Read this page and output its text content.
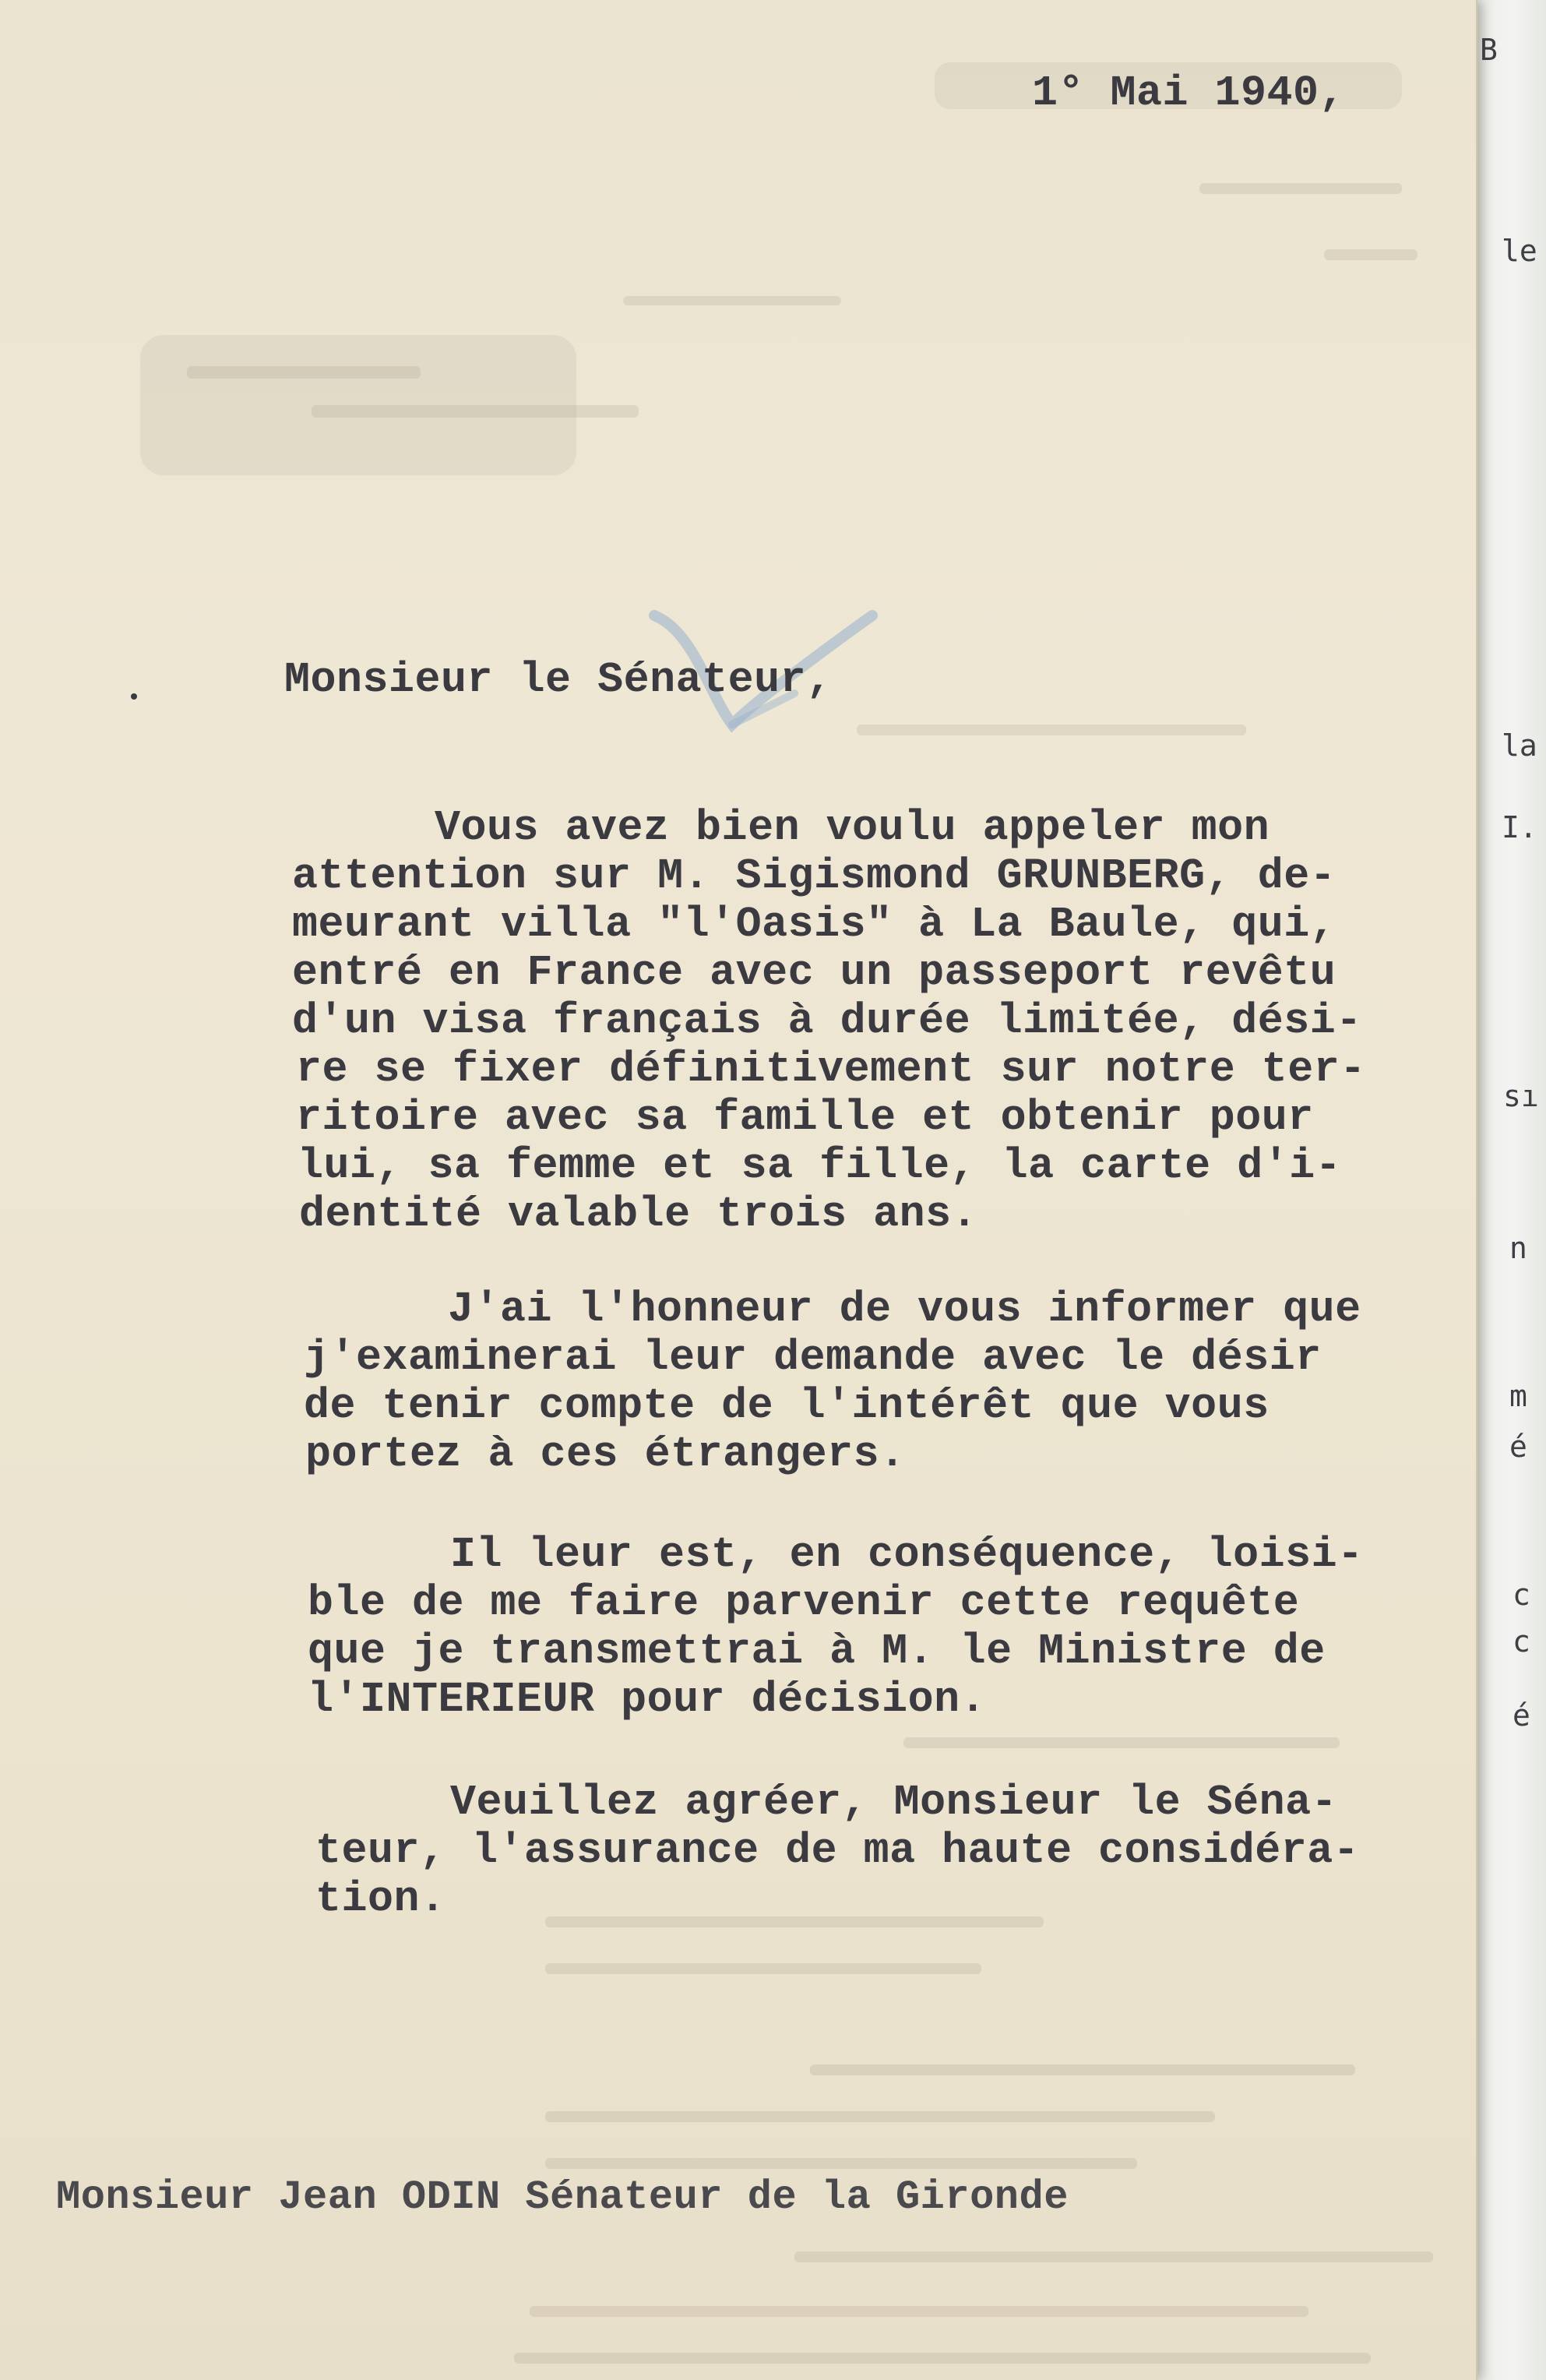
B
le
la
I.
sı
n
m
é
c
c
é
1° Mai 1940,
Monsieur le Sénateur,
Vous avez bien voulu appeler mon
attention sur M. Sigismond GRUNBERG, de-
meurant villa "l'Oasis" à La Baule, qui,
entré en France avec un passeport revêtu
d'un visa français à durée limitée, dési-
re se fixer définitivement sur notre ter-
ritoire avec sa famille et obtenir pour
lui, sa femme et sa fille, la carte d'i-
dentité valable trois ans.
J'ai l'honneur de vous informer que
j'examinerai leur demande avec le désir
de tenir compte de l'intérêt que vous
portez à ces étrangers.
Il leur est, en conséquence, loisi-
ble de me faire parvenir cette requête
que je transmettrai à M. le Ministre de
l'INTERIEUR pour décision.
Veuillez agréer, Monsieur le Séna-
teur, l'assurance de ma haute considéra-
tion.
Monsieur Jean ODIN Sénateur de la Gironde
